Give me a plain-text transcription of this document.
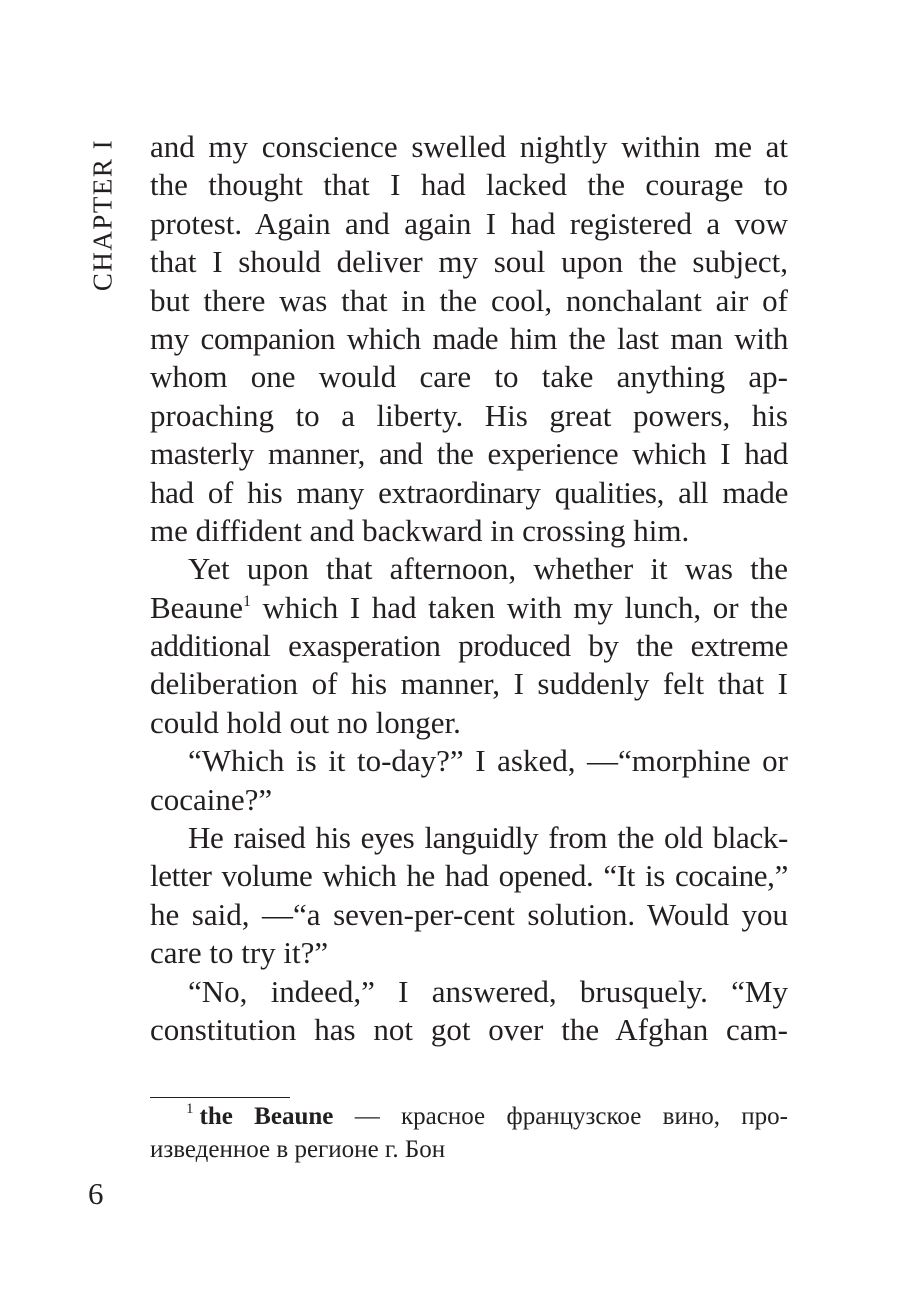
CHAPTER I and my conscience swelled nightly within me at
the thought that I had lacked the courage to
protest. Again and again I had registered a vow
that I should deliver my soul upon the subject,
but there was that in the cool, nonchalant air of
my companion which made him the last man with
whom one would care to take anything ap-
proaching to a liberty. His great powers, his
masterly manner, and the experience which I had
had of his many extraordinary qualities, all made
me diffident and backward in crossing him.
Yet upon that afternoon, whether it was the
Beaune$^1$ which I had taken with my lunch, or the
additional exasperation produced by the extreme
deliberation of his manner, I suddenly felt that I
could hold out no longer.
“Which is it to-day?” I asked, —“morphine or
cocaine?”
He raised his eyes languidly from the old black-
letter volume which he had opened. “It is cocaine,”
he said, —“a seven-per-cent solution. Would you
care to try it?”
“No, indeed,” I answered, brusquely. “My
constitution has not got over the Afghan cam-
$^1$ the Beaune — красное французское вино, про-
изведенное в регионе г. Бон
6
